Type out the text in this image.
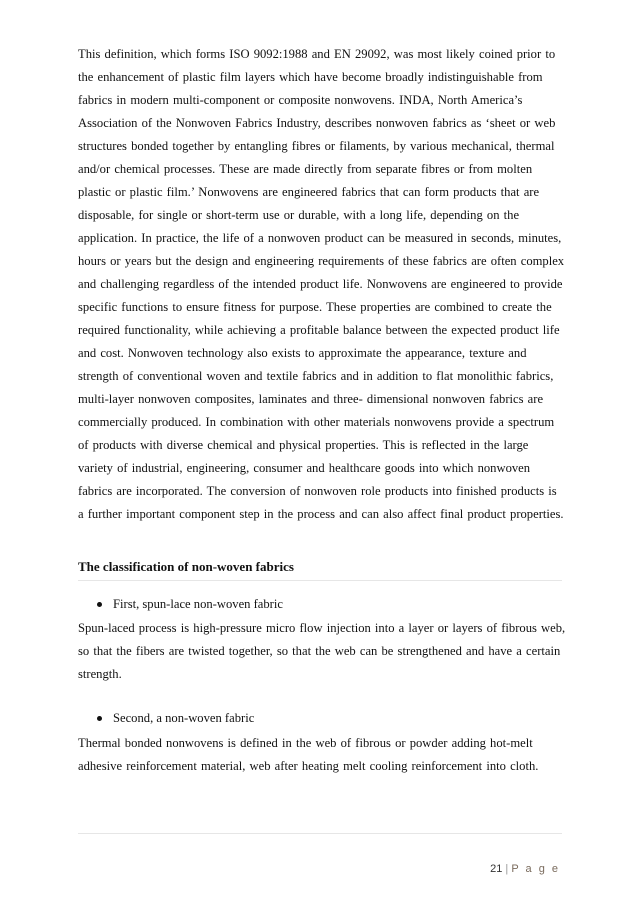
This definition, which forms ISO 9092:1988 and EN 29092, was most likely coined prior to
the enhancement of plastic film layers which have become broadly indistinguishable from
fabrics in modern multi-component or composite nonwovens. INDA, North America’s
Association of the Nonwoven Fabrics Industry, describes nonwoven fabrics as ‘sheet or web
structures bonded together by entangling fibres or filaments, by various mechanical, thermal
and/or chemical processes. These are made directly from separate fibres or from molten
plastic or plastic film.’ Nonwovens are engineered fabrics that can form products that are
disposable, for single or short-term use or durable, with a long life, depending on the
application. In practice, the life of a nonwoven product can be measured in seconds, minutes,
hours or years but the design and engineering requirements of these fabrics are often complex
and challenging regardless of the intended product life. Nonwovens are engineered to provide
specific functions to ensure fitness for purpose. These properties are combined to create the
required functionality, while achieving a profitable balance between the expected product life
and cost. Nonwoven technology also exists to approximate the appearance, texture and
strength of conventional woven and textile fabrics and in addition to flat monolithic fabrics,
multi-layer nonwoven composites, laminates and three- dimensional nonwoven fabrics are
commercially produced. In combination with other materials nonwovens provide a spectrum
of products with diverse chemical and physical properties. This is reflected in the large
variety of industrial, engineering, consumer and healthcare goods into which nonwoven
fabrics are incorporated. The conversion of nonwoven role products into finished products is
a further important component step in the process and can also affect final product properties.
The classification of non-woven fabrics
First, spun-lace non-woven fabric
Spun-laced process is high-pressure micro flow injection into a layer or layers of fibrous web,
so that the fibers are twisted together, so that the web can be strengthened and have a certain
strength.
Second, a non-woven fabric
Thermal bonded nonwovens is defined in the web of fibrous or powder adding hot-melt
adhesive reinforcement material, web after heating melt cooling reinforcement into cloth.
21 | P a g e
